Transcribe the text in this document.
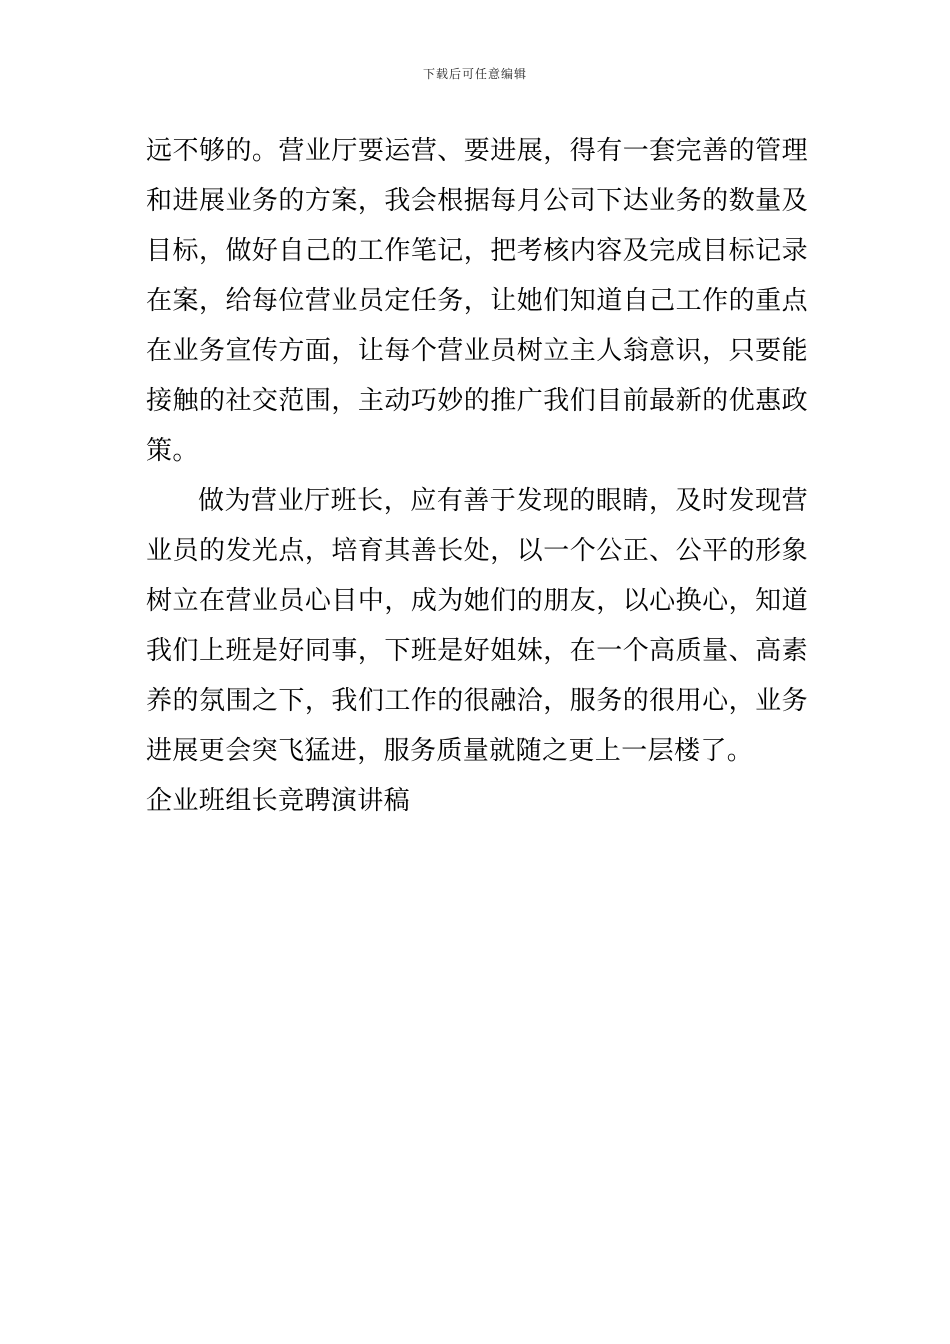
下载后可任意编辑

远不够的。营业厅要运营、要进展，得有一套完善的管理和进展业务的方案，我会根据每月公司下达业务的数量及目标，做好自己的工作笔记，把考核内容及完成目标记录在案，给每位营业员定任务，让她们知道自己工作的重点在业务宣传方面，让每个营业员树立主人翁意识，只要能接触的社交范围，主动巧妙的推广我们目前最新的优惠政策。

做为营业厅班长，应有善于发现的眼睛，及时发现营业员的发光点，培育其善长处，以一个公正、公平的形象树立在营业员心目中，成为她们的朋友，以心换心，知道我们上班是好同事，下班是好姐妹，在一个高质量、高素养的氛围之下，我们工作的很融洽，服务的很用心，业务进展更会突飞猛进，服务质量就随之更上一层楼了。

企业班组长竞聘演讲稿
